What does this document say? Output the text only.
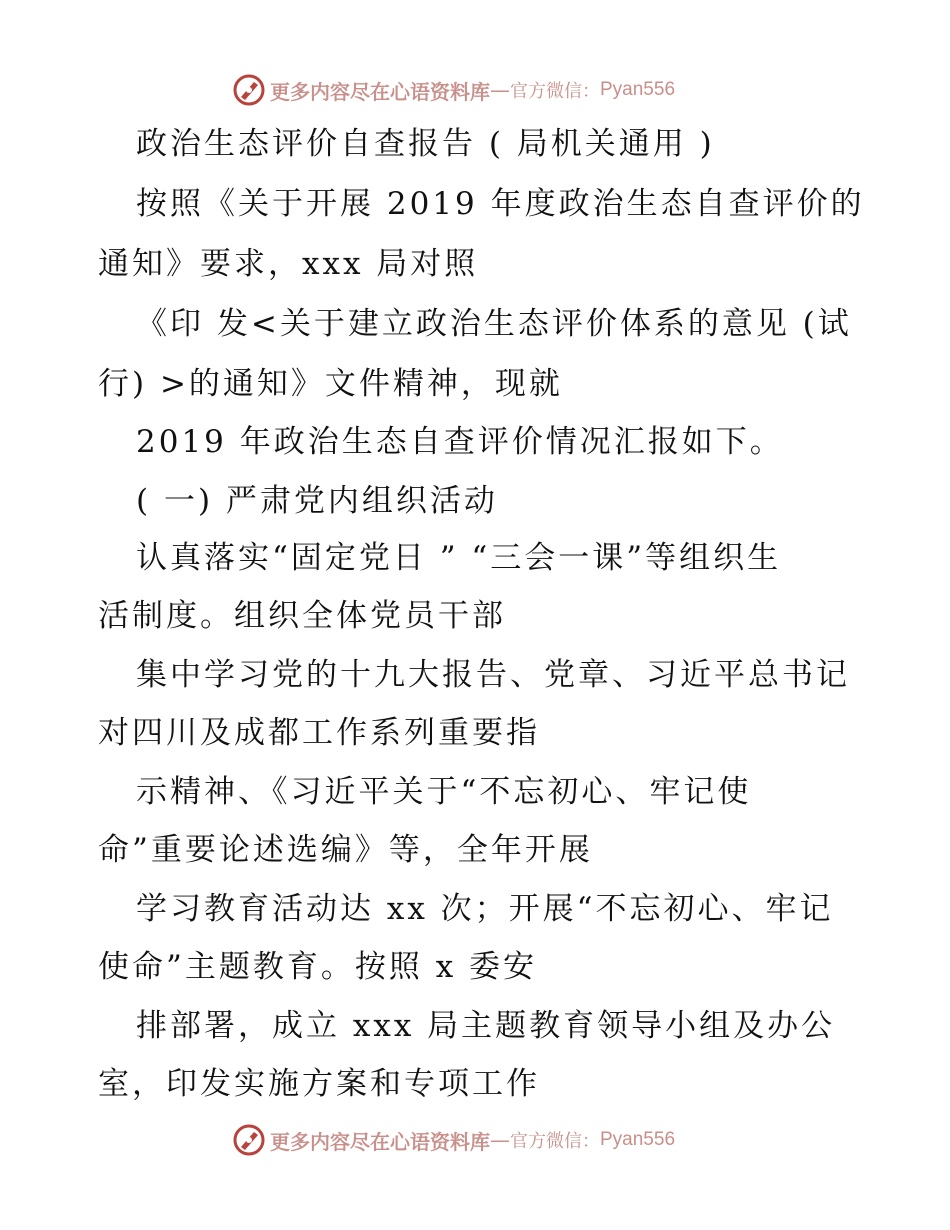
更多内容尽在心语资料库 — 官方微信： Pyan556
政治生态评价自查报告 ( 局机关通用 )
按照《关于开展 2019 年度政治生态自查评价的
通知》要求，xxx 局对照
《印 发<关于建立政治生态评价体系的意见 (试
行) >的通知》文件精神，现就
2019 年政治生态自查评价情况汇报如下。
( 一) 严肃党内组织活动
认真落实“固定党日 ” “三会一课”等组织生
活制度。组织全体党员干部
集中学习党的十九大报告、党章、习近平总书记
对四川及成都工作系列重要指
示精神、《习近平关于“不忘初心、牢记使
命”重要论述选编》等，全年开展
学习教育活动达 xx 次；开展“不忘初心、牢记
使命”主题教育。按照 x 委安
排部署，成立 xxx 局主题教育领导小组及办公
室，印发实施方案和专项工作
更多内容尽在心语资料库 — 官方微信： Pyan556
